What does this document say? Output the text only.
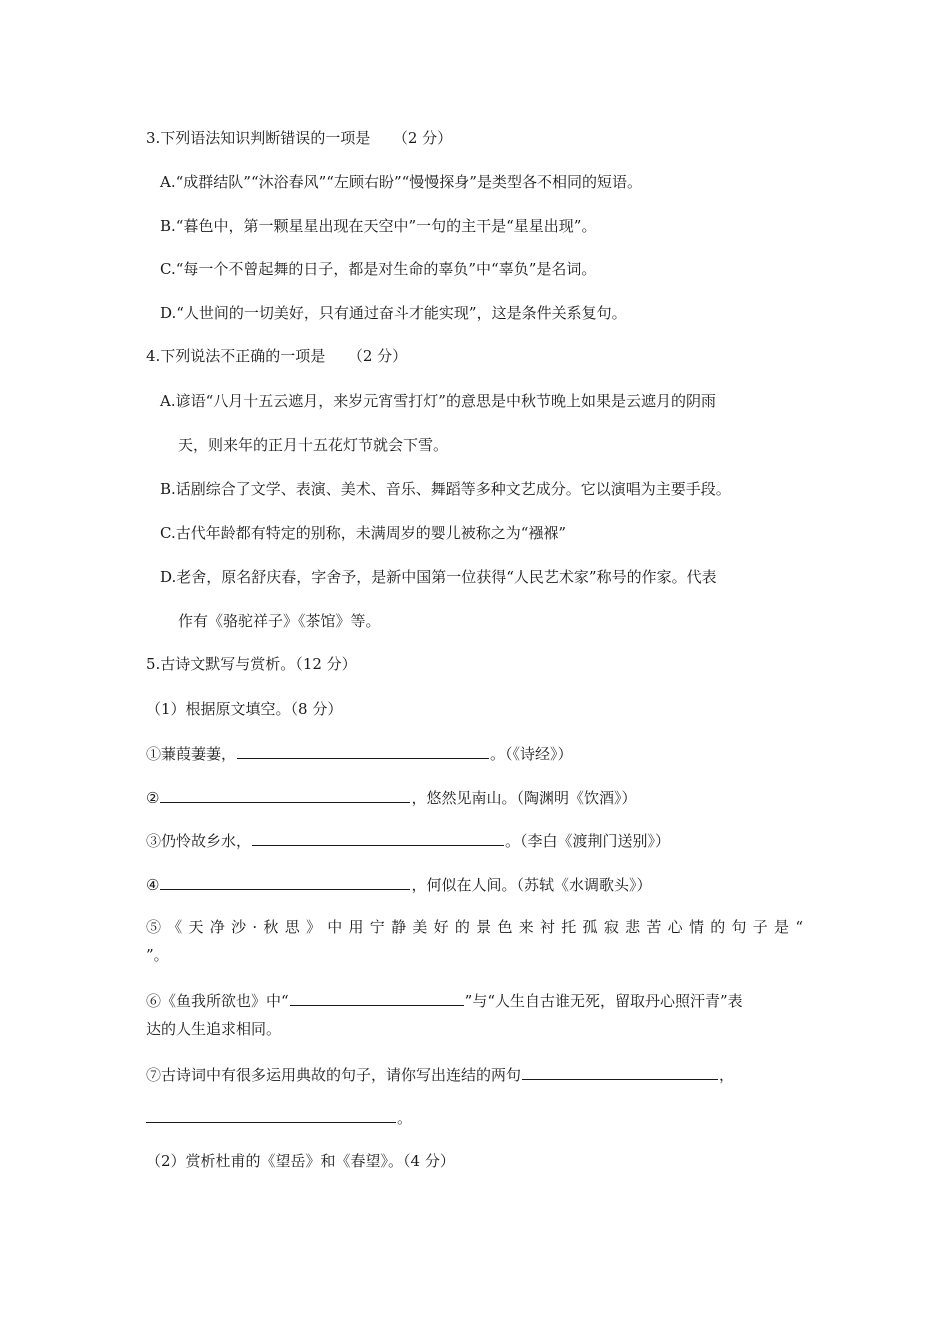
3.下列语法知识判断错误的一项是　　（2 分）
A.“成群结队”“沐浴春风”“左顾右盼”“慢慢探身”是类型各不相同的短语。
B.“暮色中，第一颗星星出现在天空中”一句的主干是“星星出现”。
C.“每一个不曾起舞的日子，都是对生命的辜负”中“辜负”是名词。
D.“人世间的一切美好，只有通过奋斗才能实现”，这是条件关系复句。
4.下列说法不正确的一项是　　（2 分）
A.谚语“八月十五云遮月，来岁元宵雪打灯”的意思是中秋节晚上如果是云遮月的阴雨
天，则来年的正月十五花灯节就会下雪。
B.话剧综合了文学、表演、美术、音乐、舞蹈等多种文艺成分。它以演唱为主要手段。
C.古代年龄都有特定的别称，未满周岁的婴儿被称之为“襁褓”
D.老舍，原名舒庆春，字舍予，是新中国第一位获得“人民艺术家”称号的作家。代表
作有《骆驼祥子》《茶馆》等。
5.古诗文默写与赏析。（12 分）
（1）根据原文填空。（8 分）
①蒹葭萋萋，	。（《诗经》）
②	，悠然见南山。（陶渊明《饮酒》）
③仍怜故乡水，	。（李白《渡荆门送别》）
④	，何似在人间。（苏轼《水调歌头》）
⑤《天净沙·秋思》中用宁静美好的景色来衬托孤寂悲苦心情的句子是“
”。
⑥《鱼我所欲也》中“	”与“人生自古谁无死，留取丹心照汗青”表
达的人生追求相同。
⑦古诗词中有很多运用典故的句子，请你写出连结的两句	，
。
（2）赏析杜甫的《望岳》和《春望》。（4 分）
